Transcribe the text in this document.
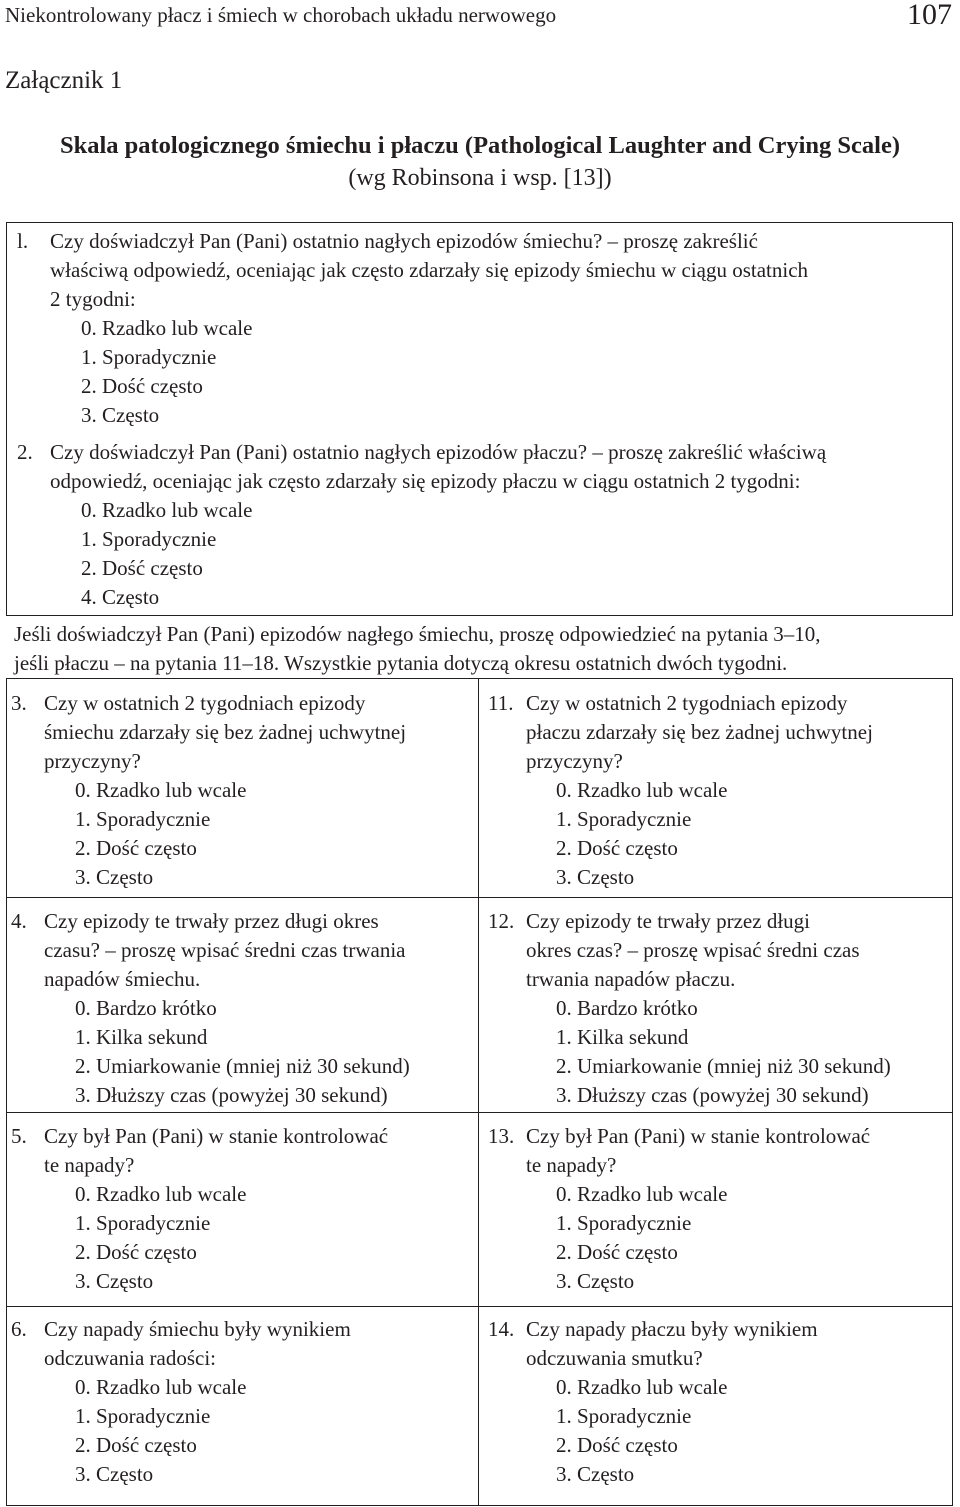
Niekontrolowany płacz i śmiech w chorobach układu nerwowego	107
Załącznik 1
Skala patologicznego śmiechu i płaczu (Pathological Laughter and Crying Scale)
(wg Robinsona i wsp. [13])
l. Czy doświadczył Pan (Pani) ostatnio nagłych epizodów śmiechu? – proszę zakreślić
właściwą odpowiedź, oceniając jak często zdarzały się epizody śmiechu w ciągu ostatnich
2 tygodni:
0. Rzadko lub wcale
1. Sporadycznie
2. Dość często
3. Często
2. Czy doświadczył Pan (Pani) ostatnio nagłych epizodów płaczu? – proszę zakreślić właściwą
odpowiedź, oceniając jak często zdarzały się epizody płaczu w ciągu ostatnich 2 tygodni:
0. Rzadko lub wcale
1. Sporadycznie
2. Dość często
4. Często
Jeśli doświadczył Pan (Pani) epizodów nagłego śmiechu, proszę odpowiedzieć na pytania 3–10,
jeśli płaczu – na pytania 11–18. Wszystkie pytania dotyczą okresu ostatnich dwóch tygodni.
3. Czy w ostatnich 2 tygodniach epizody
śmiechu zdarzały się bez żadnej uchwytnej
przyczyny?
0. Rzadko lub wcale
1. Sporadycznie
2. Dość często
3. Często
11. Czy w ostatnich 2 tygodniach epizody
płaczu zdarzały się bez żadnej uchwytnej
przyczyny?
0. Rzadko lub wcale
1. Sporadycznie
2. Dość często
3. Często
4. Czy epizody te trwały przez długi okres
czasu? – proszę wpisać średni czas trwania
napadów śmiechu.
0. Bardzo krótko
1. Kilka sekund
2. Umiarkowanie (mniej niż 30 sekund)
3. Dłuższy czas (powyżej 30 sekund)
12. Czy epizody te trwały przez długi
okres czas? – proszę wpisać średni czas
trwania napadów płaczu.
0. Bardzo krótko
1. Kilka sekund
2. Umiarkowanie (mniej niż 30 sekund)
3. Dłuższy czas (powyżej 30 sekund)
5. Czy był Pan (Pani) w stanie kontrolować
te napady?
0. Rzadko lub wcale
1. Sporadycznie
2. Dość często
3. Często
13. Czy był Pan (Pani) w stanie kontrolować
te napady?
0. Rzadko lub wcale
1. Sporadycznie
2. Dość często
3. Często
6. Czy napady śmiechu były wynikiem
odczuwania radości:
0. Rzadko lub wcale
1. Sporadycznie
2. Dość często
3. Często
14. Czy napady płaczu były wynikiem
odczuwania smutku?
0. Rzadko lub wcale
1. Sporadycznie
2. Dość często
3. Często
